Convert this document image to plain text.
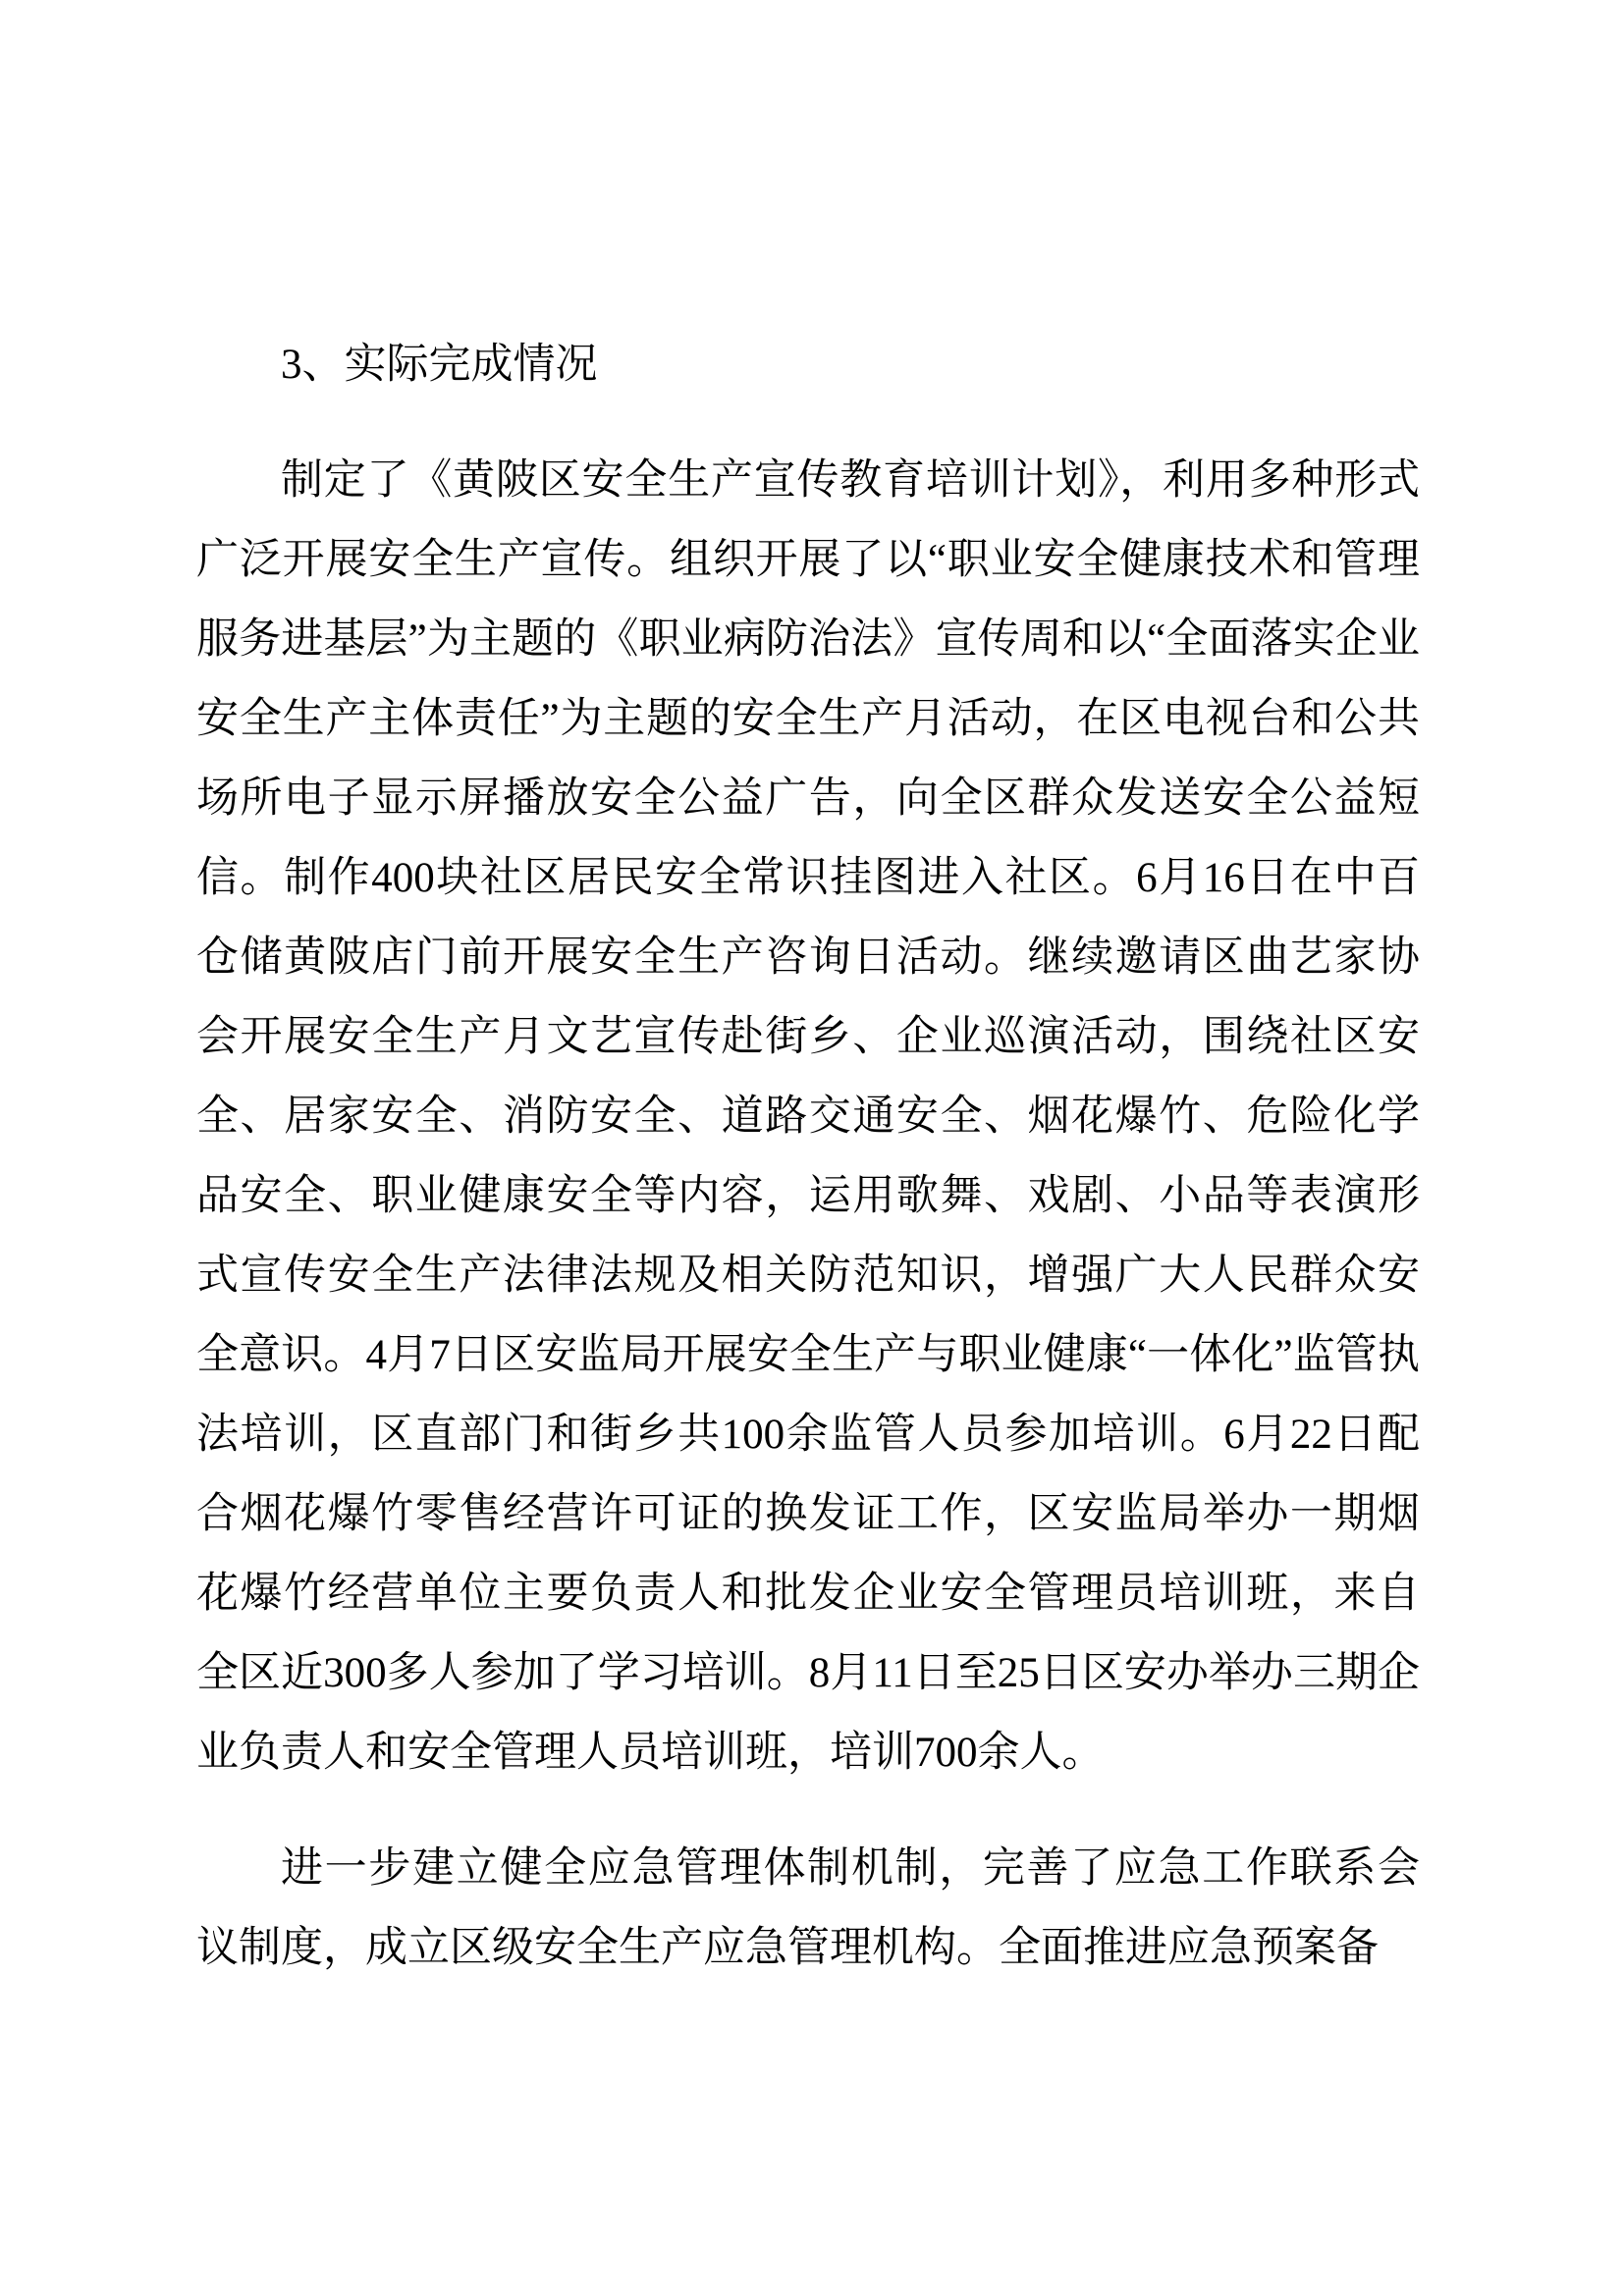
3、实际完成情况

制定了《黄陂区安全生产宣传教育培训计划》，利用多种形式广泛开展安全生产宣传。组织开展了以“职业安全健康技术和管理服务进基层”为主题的《职业病防治法》宣传周和以“全面落实企业安全生产主体责任”为主题的安全生产月活动，在区电视台和公共场所电子显示屏播放安全公益广告，向全区群众发送安全公益短信。制作400块社区居民安全常识挂图进入社区。6月16日在中百仓储黄陂店门前开展安全生产咨询日活动。继续邀请区曲艺家协会开展安全生产月文艺宣传赴街乡、企业巡演活动，围绕社区安全、居家安全、消防安全、道路交通安全、烟花爆竹、危险化学品安全、职业健康安全等内容，运用歌舞、戏剧、小品等表演形式宣传安全生产法律法规及相关防范知识，增强广大人民群众安全意识。4月7日区安监局开展安全生产与职业健康“一体化”监管执法培训，区直部门和街乡共100余监管人员参加培训。6月22日配合烟花爆竹零售经营许可证的换发证工作，区安监局举办一期烟花爆竹经营单位主要负责人和批发企业安全管理员培训班，来自全区近300多人参加了学习培训。8月11日至25日区安办举办三期企业负责人和安全管理人员培训班，培训700余人。

进一步建立健全应急管理体制机制，完善了应急工作联系会议制度，成立区级安全生产应急管理机构。全面推进应急预案备
